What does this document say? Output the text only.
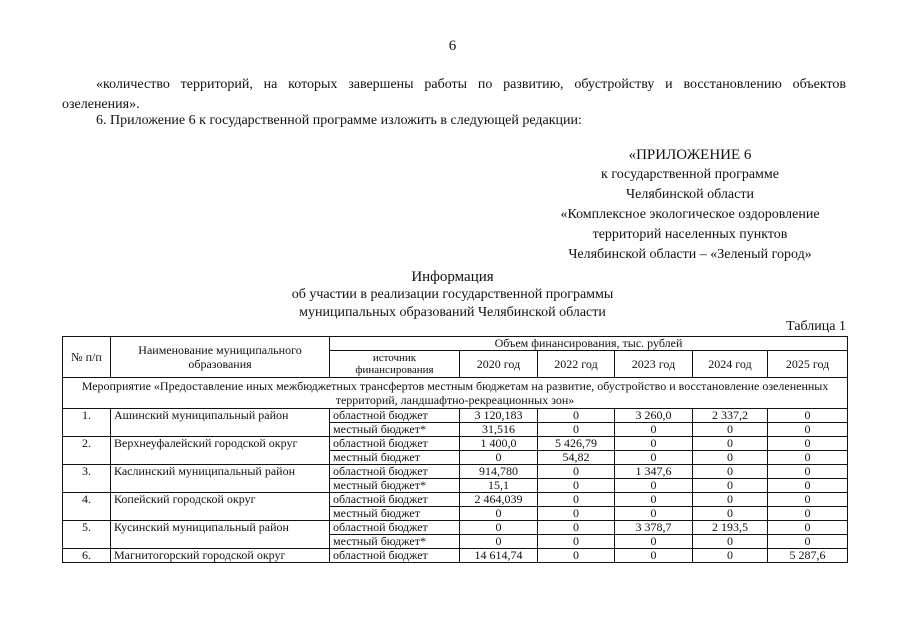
6
«количество территорий, на которых завершены работы по развитию, обустройству и восстановлению объектов озеленения».
6. Приложение 6 к государственной программе изложить в следующей редакции:
«ПРИЛОЖЕНИЕ 6
к государственной программе
Челябинской области
«Комплексное экологическое оздоровление
территорий населенных пунктов
Челябинской области – «Зеленый город»
Информация
об участии в реализации государственной программы
муниципальных образований Челябинской области
Таблица 1
№ п/п	Наименование муниципального образования	Объем финансирования, тыс. рублей					
		источник финансирования	2020 год	2022 год	2023 год	2024 год	2025 год
Мероприятие «Предоставление иных межбюджетных трансфертов местным бюджетам на развитие, обустройство и восстановление озелененных территорий, ландшафтно-рекреационных зон»							
1.	Ашинский муниципальный район	областной бюджет	3 120,183	0	3 260,0	2 337,2	0
		местный бюджет*	31,516	0	0	0	0
2.	Верхнеуфалейский городской округ	областной бюджет	1 400,0	5 426,79	0	0	0
		местный бюджет	0	54,82	0	0	0
3.	Каслинский муниципальный район	областной бюджет	914,780	0	1 347,6	0	0
		местный бюджет*	15,1	0	0	0	0
4.	Копейский городской округ	областной бюджет	2 464,039	0	0	0	0
		местный бюджет	0	0	0	0	0
5.	Кусинский муниципальный район	областной бюджет	0	0	3 378,7	2 193,5	0
		местный бюджет*	0	0	0	0	0
6.	Магнитогорский городской округ	областной бюджет	14 614,74	0	0	0	5 287,6
